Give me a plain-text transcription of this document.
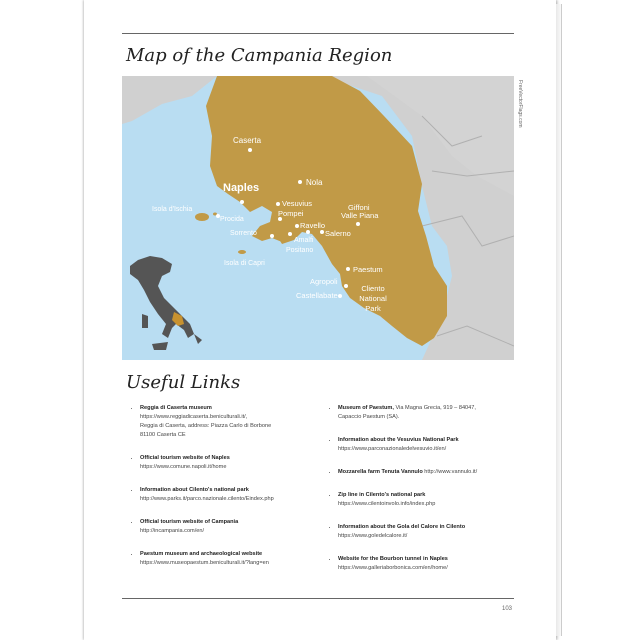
Map of the Campania Region
Caserta
Nola
Naples
Isola d'Ischia
Procida
Vesuvius
Pompei
Ravello
Sorrento
Amalfi
Positano
Salerno
Giffoni
Valle Piana
Isola di Capri
Paestum
Agropoli
Castellabate
Cliento
National
Park
FreeVectorFlags.com
Useful Links
· Reggia di Caserta museum
https://www.reggiadicaserta.beniculturali.it/,
Reggia di Caserta, address: Piazza Carlo di Borbone
81100 Caserta CE
· Official tourism website of Naples
https://www.comune.napoli.it/home
· Information about Cilento's national park
http://www.parks.it/parco.nazionale.cilento/Eindex.php
· Official tourism website of Campania
http://incampania.com/en/
· Paestum museum and archaeological website
https://www.museopaestum.beniculturali.it/?lang=en
· Museum of Paestum, Via Magna Grecia, 919 – 84047,
Capaccio Paestum (SA).
· Information about the Vesuvius National Park
https://www.parconazionaledelvesuvio.it/en/
· Mozzarella farm Tenuta Vannulo http://www.vannulo.it/
· Zip line in Cilento's national park
https://www.cilentoinvolo.info/index.php
· Information about the Gola del Calore in Cilento
https://www.goledelcalore.it/
· Website for the Bourbon tunnel in Naples
https://www.galleriaborbonica.com/en/home/
103
